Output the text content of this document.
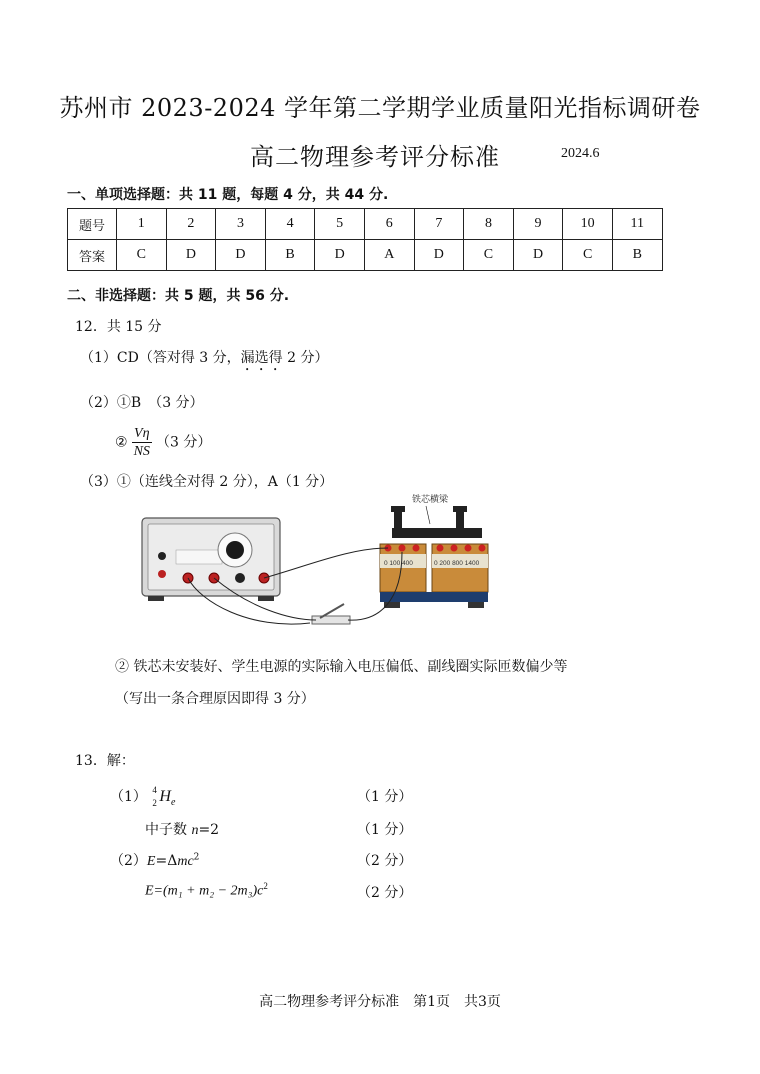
苏州市 2023-2024 学年第二学期学业质量阳光指标调研卷
高二物理参考评分标准	2024.6
一、单项选择题：共 11 题，每题 4 分，共 44 分.
题号	1	2	3	4	5	6	7	8	9	10	11
答案	C	D	D	B	D	A	D	C	D	C	B
二、非选择题：共 5 题，共 56 分.
12．共 15 分
（1）CD（答对得 3 分，漏选得 2 分）
（2）①B　（3 分）
② $\frac{V\eta}{NS} (3$ 分）
（3）①（连线全对得 2 分），A（1 分）
0 100 400	0 200 800 1400
铁芯横梁
② 铁芯未安装好、学生电源的实际输入电压偏低、副线圈实际匝数偏少等
（写出一条合理原因即得 3 分）
13．解：
（1） 4
2 $H_e$	（1 分）
中子数 n=2	（1 分）
（2）E=Δmc$^2$	（2 分）
$E=(m_1 + m_2 - 2m_3)c^2$	（2 分）
高二物理参考评分标准　第1页　共3页
